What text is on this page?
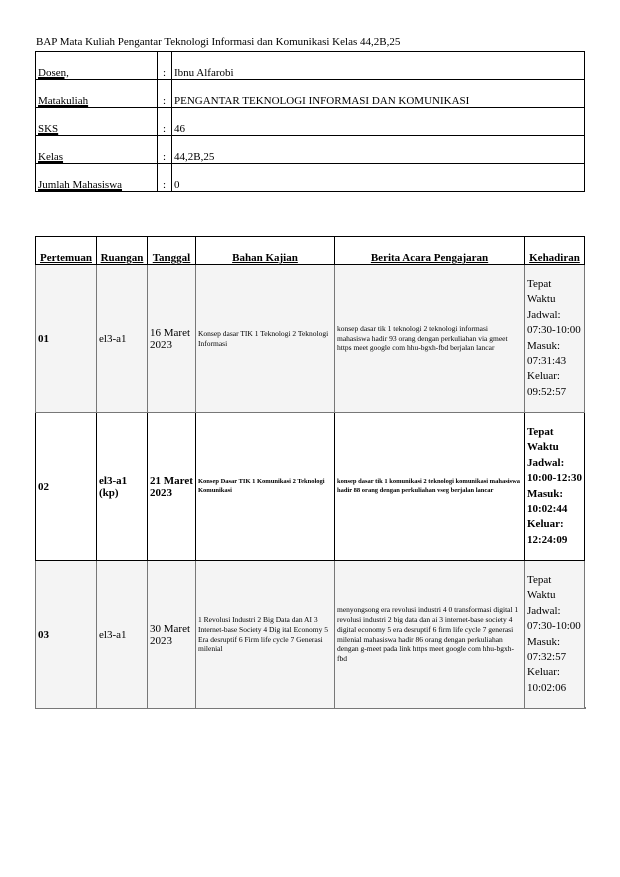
BAP Mata Kuliah Pengantar Teknologi Informasi dan Komunikasi Kelas 44,2B,25
Dosen,	:	Ibnu Alfarobi
Matakuliah	:	PENGANTAR TEKNOLOGI INFORMASI DAN KOMUNIKASI
SKS	:	46
Kelas	:	44,2B,25
Jumlah Mahasiswa	:	0
Pertemuan	Ruangan	Tanggal	Bahan Kajian	Berita Acara Pengajaran	Kehadiran
01	el3-a1	16 Maret 2023	Konsep dasar TIK 1 Teknologi 2 Teknologi Informasi	konsep dasar tik 1 teknologi 2 teknologi informasi mahasiswa hadir 93 orang dengan perkuliahan via gmeet https meet google com hhu-bgxh-fbd berjalan lancar	Tepat Waktu Jadwal: 07:30-10:00 Masuk: 07:31:43 Keluar: 09:52:57
02	el3-a1 (kp)	21 Maret 2023	Konsep Dasar TIK 1 Komunikasi 2 Teknologi Komunikasi	konsep dasar tik 1 komunikasi 2 teknologi komunikasi mahasiswa hadir 88 orang dengan perkuliahan vseg berjalan lancar	Tepat Waktu Jadwal: 10:00-12:30 Masuk: 10:02:44 Keluar: 12:24:09
03	el3-a1	30 Maret 2023	1 Revolusi Industri 2 Big Data dan AI 3 Internet-base Society 4 Dig ital Economy 5 Era desruptif 6 Firm life cycle 7 Generasi milenial	menyongsong era revolusi industri 4 0 transformasi digital 1 revolusi industri 2 big data dan ai 3 internet-base society 4 digital economy 5 era desruptif 6 firm life cycle 7 generasi milenial mahasiswa hadir 86 orang dengan perkuliahan dengan g-meet pada link https meet google com hhu-bgxh-fbd	Tepat Waktu Jadwal: 07:30-10:00 Masuk: 07:32:57 Keluar: 10:02:06
